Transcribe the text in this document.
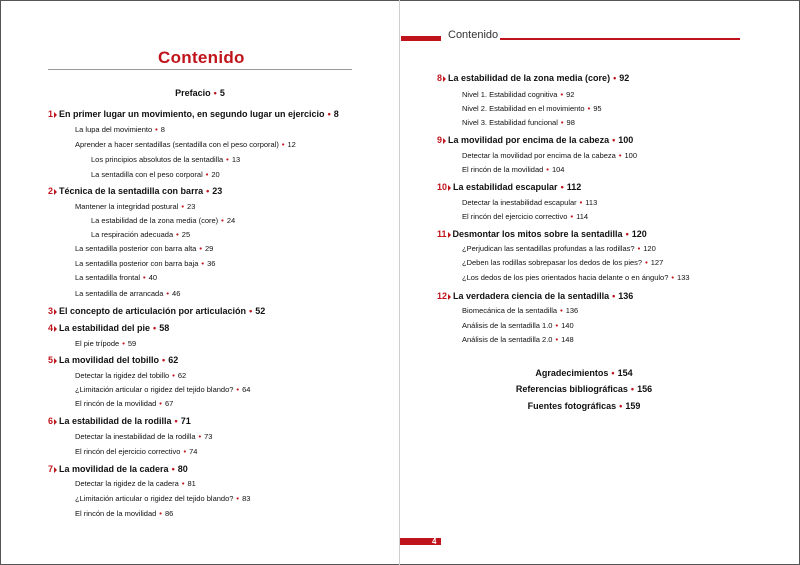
Contenido
Contenido
Prefacio • 5
1 En primer lugar un movimiento, en segundo lugar un ejercicio • 8
La lupa del movimiento • 8
Aprender a hacer sentadillas (sentadilla con el peso corporal) • 12
Los principios absolutos de la sentadilla • 13
La sentadilla con el peso corporal • 20
2 Técnica de la sentadilla con barra • 23
Mantener la integridad postural • 23
La estabilidad de la zona media (core) • 24
La respiración adecuada • 25
La sentadilla posterior con barra alta • 29
La sentadilla posterior con barra baja • 36
La sentadilla frontal • 40
La sentadilla de arrancada • 46
3 El concepto de articulación por articulación • 52
4 La estabilidad del pie • 58
El pie trípode • 59
5 La movilidad del tobillo • 62
Detectar la rigidez del tobillo • 62
¿Limitación articular o rigidez del tejido blando? • 64
El rincón de la movilidad • 67
6 La estabilidad de la rodilla • 71
Detectar la inestabilidad de la rodilla • 73
El rincón del ejercicio correctivo • 74
7 La movilidad de la cadera • 80
Detectar la rigidez de la cadera • 81
¿Limitación articular o rigidez del tejido blando? • 83
El rincón de la movilidad • 86
8 La estabilidad de la zona media (core) • 92
Nivel 1. Estabilidad cognitiva • 92
Nivel 2. Estabilidad en el movimiento • 95
Nivel 3. Estabilidad funcional • 98
9 La movilidad por encima de la cabeza • 100
Detectar la movilidad por encima de la cabeza • 100
El rincón de la movilidad • 104
10 La estabilidad escapular • 112
Detectar la inestabilidad escapular • 113
El rincón del ejercicio correctivo • 114
11 Desmontar los mitos sobre la sentadilla • 120
¿Perjudican las sentadillas profundas a las rodillas? • 120
¿Deben las rodillas sobrepasar los dedos de los pies? • 127
¿Los dedos de los pies orientados hacia delante o en ángulo? • 133
12 La verdadera ciencia de la sentadilla • 136
Biomecánica de la sentadilla • 136
Análisis de la sentadilla 1.0 • 140
Análisis de la sentadilla 2.0 • 148
Agradecimientos • 154
Referencias bibliográficas • 156
Fuentes fotográficas • 159
4
